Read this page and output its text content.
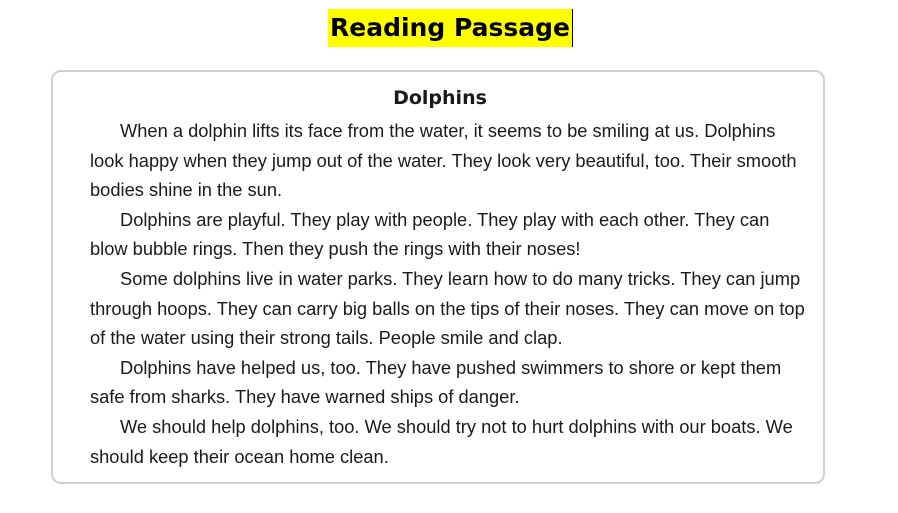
Reading Passage
Dolphins

When a dolphin lifts its face from the water, it seems to be smiling at us. Dolphins look happy when they jump out of the water. They look very beautiful, too. Their smooth bodies shine in the sun.

Dolphins are playful. They play with people. They play with each other. They can blow bubble rings. Then they push the rings with their noses!

Some dolphins live in water parks. They learn how to do many tricks. They can jump through hoops. They can carry big balls on the tips of their noses. They can move on top of the water using their strong tails. People smile and clap.

Dolphins have helped us, too. They have pushed swimmers to shore or kept them safe from sharks. They have warned ships of danger.

We should help dolphins, too. We should try not to hurt dolphins with our boats. We should keep their ocean home clean.
